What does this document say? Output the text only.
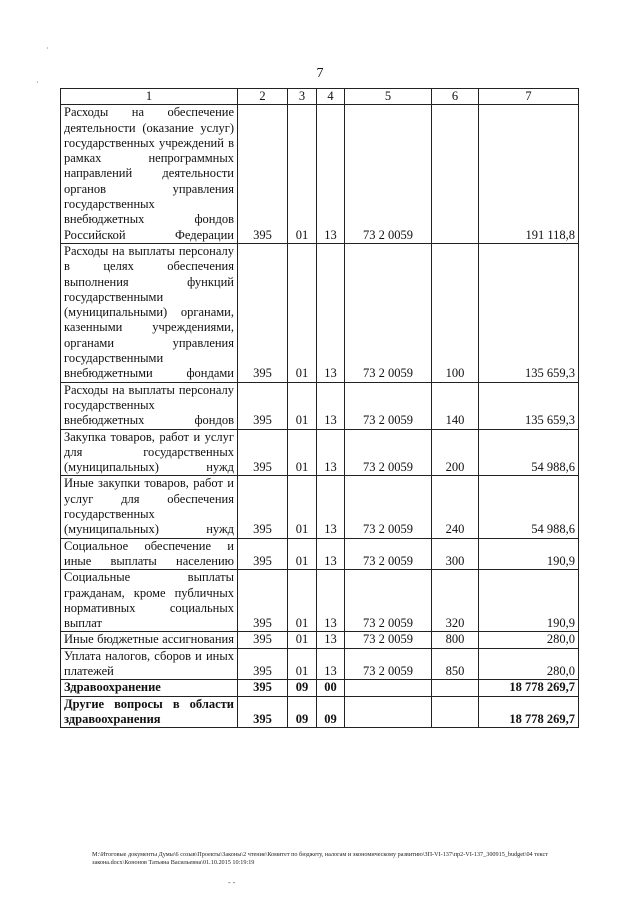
7
1	2	3	4	5	6	7
Расходы на обеспечение деятельности (оказание услуг) государственных учреждений в рамках непрограммных направлений деятельности органов управления государственных внебюджетных фондов Российской Федерации	395	01	13	73 2 0059		191 118,8
Расходы на выплаты персоналу в целях обеспечения выполнения функций государственными (муниципальными) органами, казенными учреждениями, органами управления государственными внебюджетными фондами	395	01	13	73 2 0059	100	135 659,3
Расходы на выплаты персоналу государственных внебюджетных фондов	395	01	13	73 2 0059	140	135 659,3
Закупка товаров, работ и услуг для государственных (муниципальных) нужд	395	01	13	73 2 0059	200	54 988,6
Иные закупки товаров, работ и услуг для обеспечения государственных (муниципальных) нужд	395	01	13	73 2 0059	240	54 988,6
Социальное обеспечение и иные выплаты населению	395	01	13	73 2 0059	300	190,9
Социальные выплаты гражданам, кроме публичных нормативных социальных выплат	395	01	13	73 2 0059	320	190,9
Иные бюджетные ассигнования	395	01	13	73 2 0059	800	280,0
Уплата налогов, сборов и иных платежей	395	01	13	73 2 0059	850	280,0
Здравоохранение	395	09	00			18 778 269,7
Другие вопросы в области здравоохранения	395	09	09			18 778 269,7
M:\Итоговые документы Думы\6 созыв\Проекты\Законы\2 чтение\Комитет по бюджету, налогам и экономическому развитию\ЗП-VI-137\пр2-VI-137_300915_budget\04 текст закона.docx\Кононов Татьяна Васильевна\01.10.2015 10:19:19
·
·
- -
